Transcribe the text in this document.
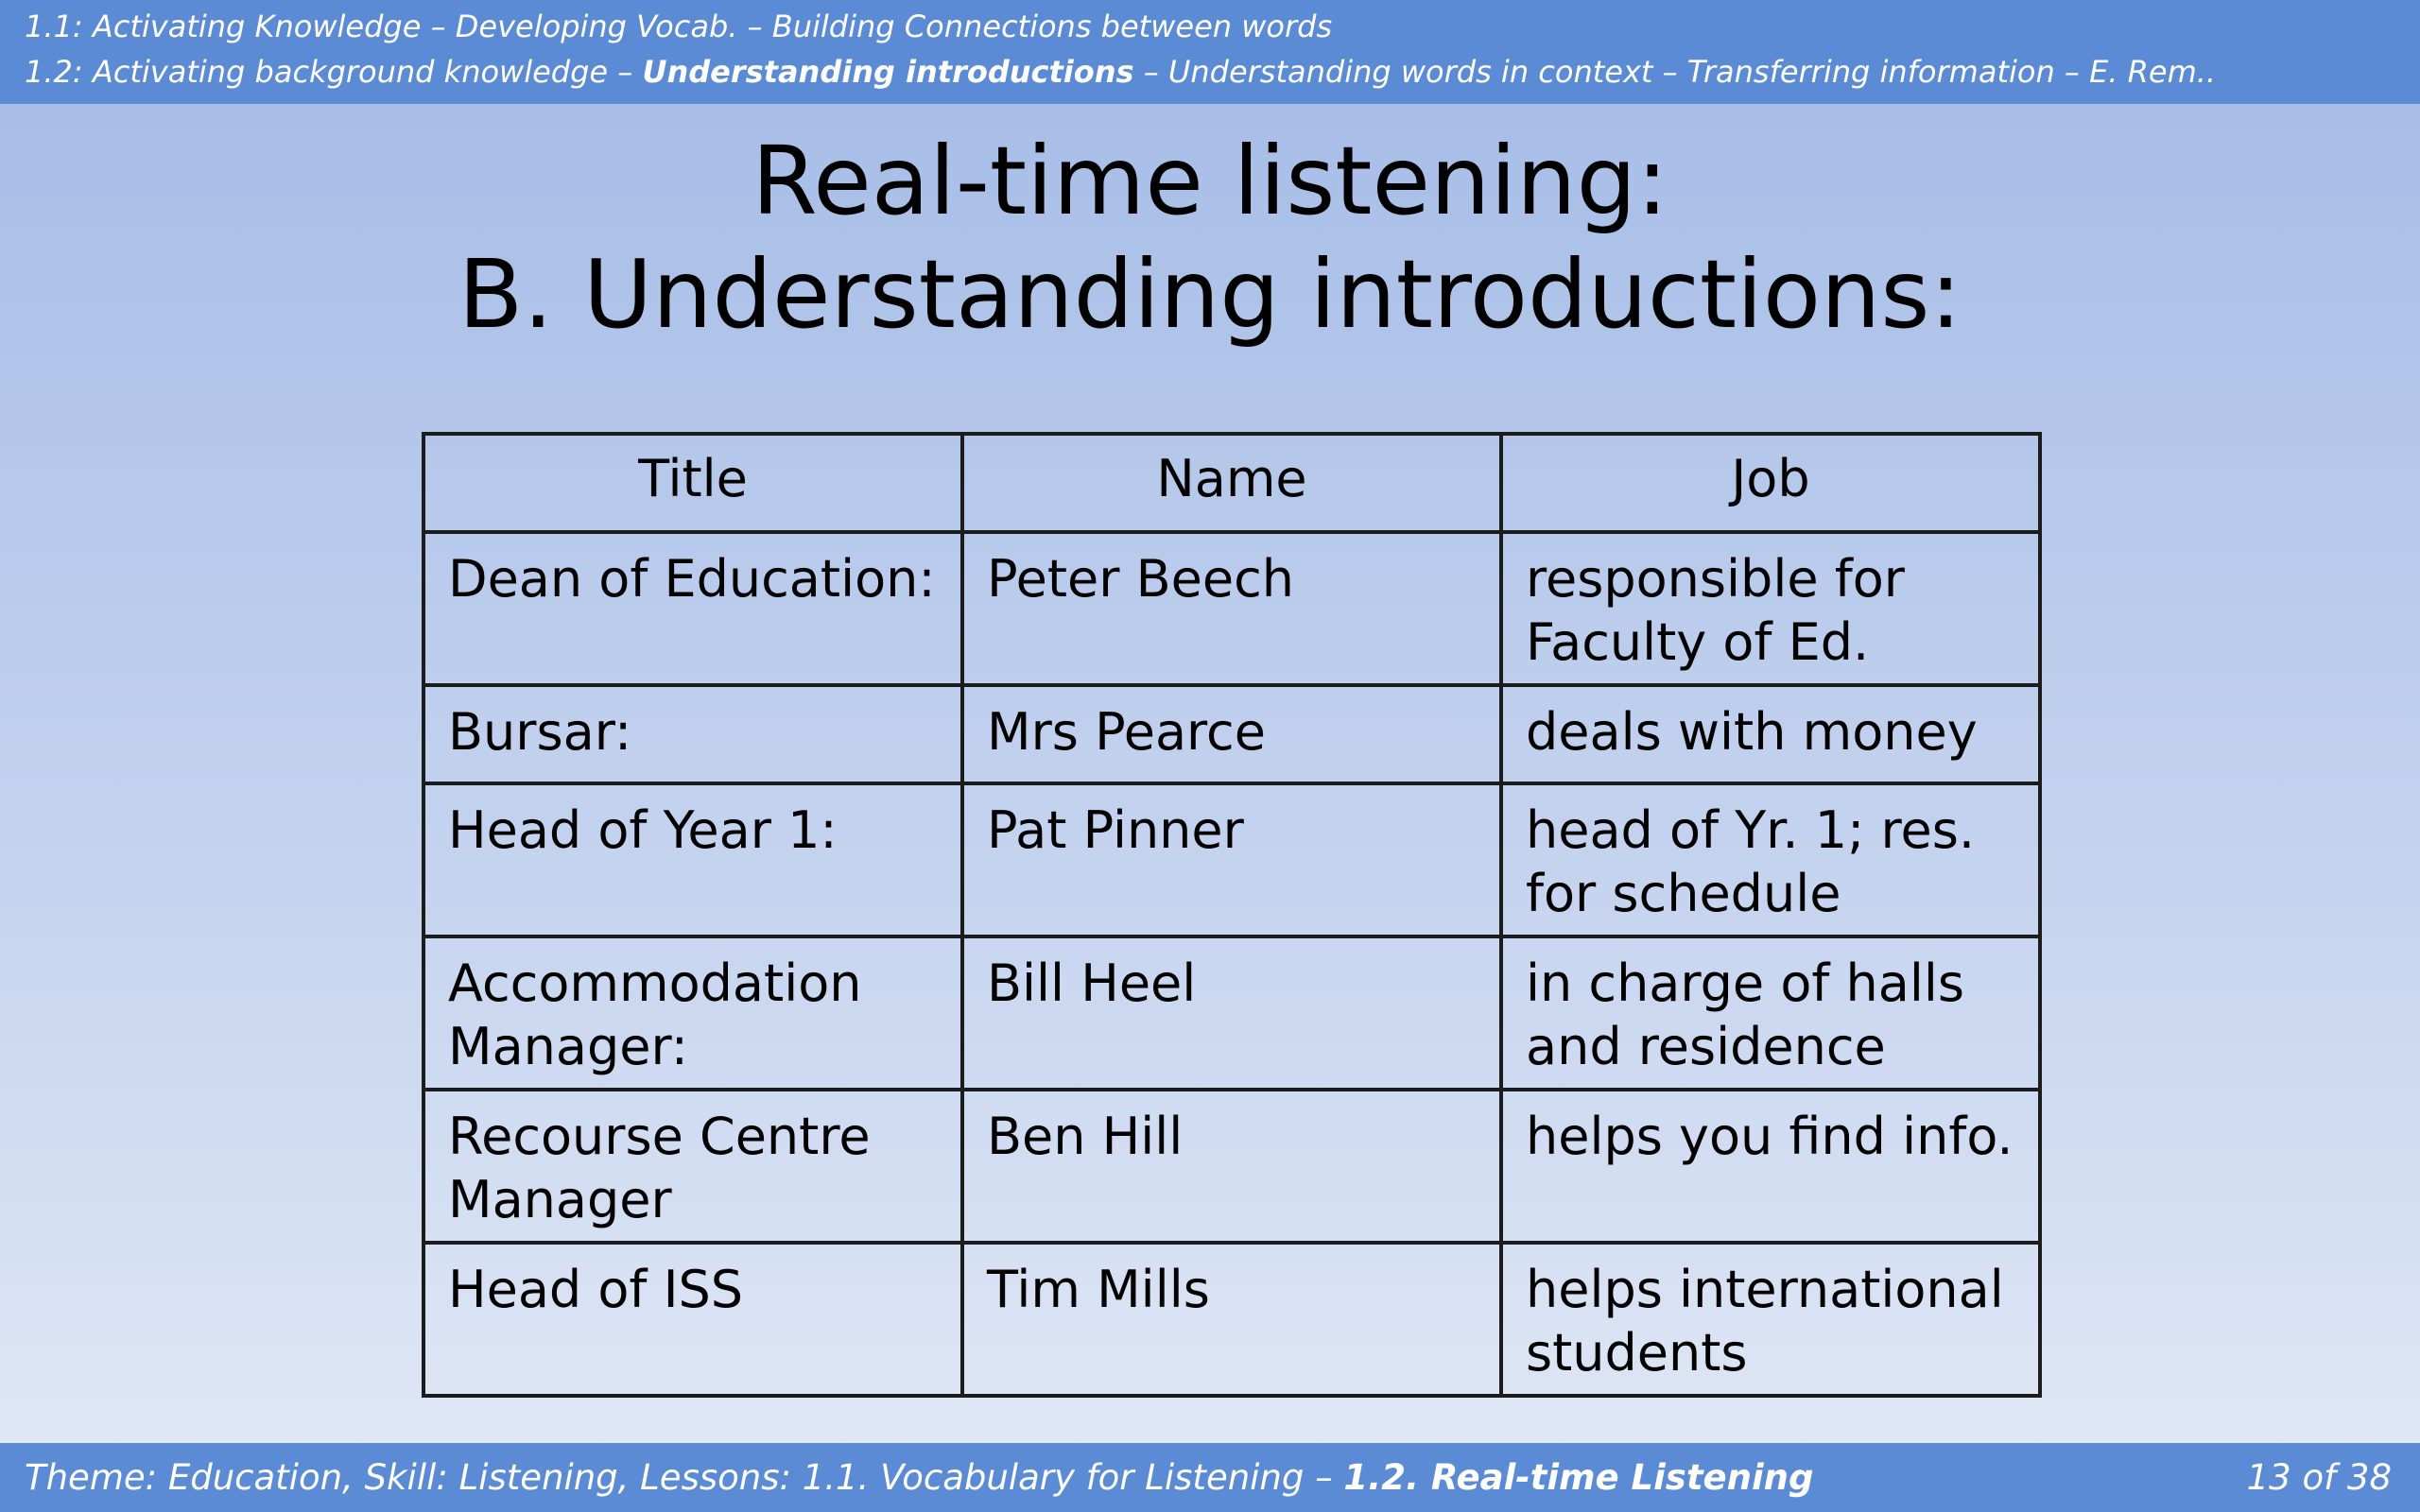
1.1: Activating Knowledge – Developing Vocab. – Building Connections between words
1.2: Activating background knowledge – Understanding introductions – Understanding words in context – Transferring information – E. Rem..
Real-time listening:
B. Understanding introductions:
Title	Name	Job
Dean of Education:	Peter Beech	responsible for Faculty of Ed.
Bursar:	Mrs Pearce	deals with money
Head of Year 1:	Pat Pinner	head of Yr. 1; res. for schedule
Accommodation Manager:	Bill Heel	in charge of halls and residence
Recourse Centre Manager	Ben Hill	helps you find info.
Head of ISS	Tim Mills	helps international students
Theme: Education, Skill: Listening, Lessons: 1.1. Vocabulary for Listening – 1.2. Real-time Listening	13 of 38
